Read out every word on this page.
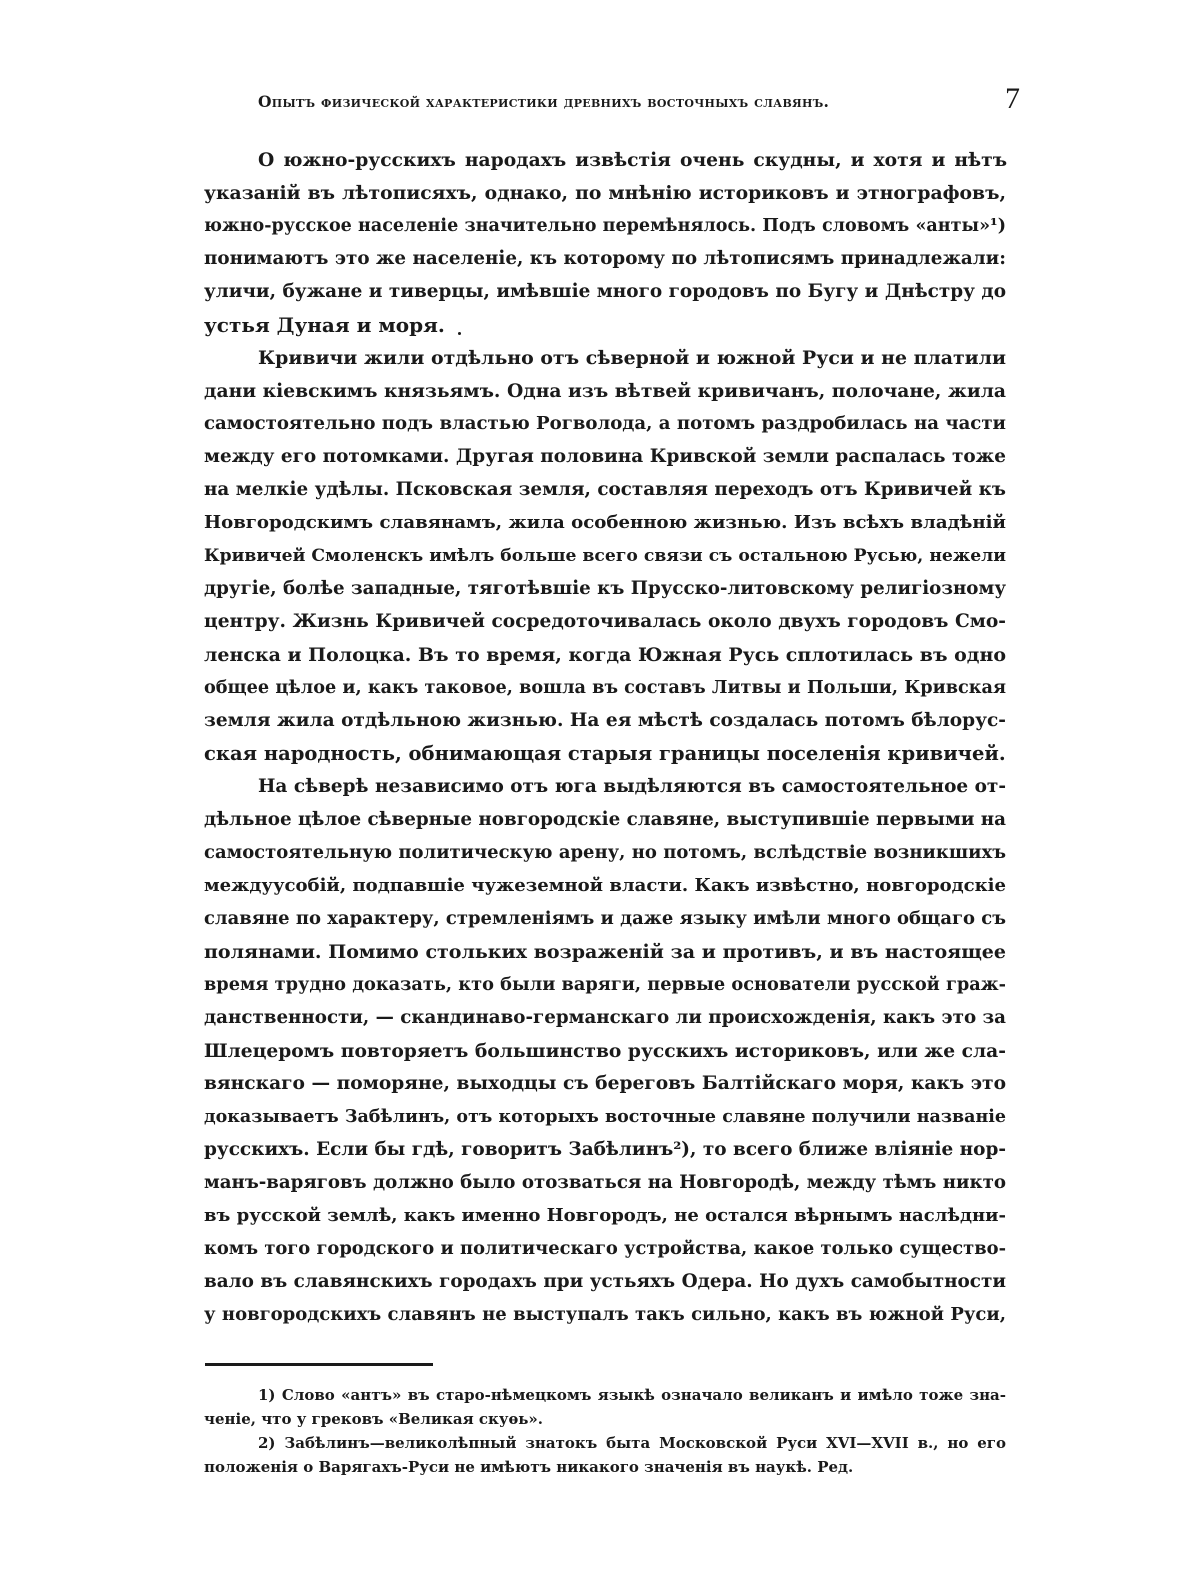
Опытъ физической характеристики древнихъ восточныхъ славянъ.	7
О южно-русскихъ народахъ извѣстія очень скудны, и хотя и нѣтъ
указаній въ лѣтописяхъ, однако, по мнѣнію историковъ и этнографовъ,
южно-русское населеніе значительно перемѣнялось. Подъ словомъ «анты»¹)
понимаютъ это же населеніе, къ которому по лѣтописямъ принадлежали:
уличи, бужане и тиверцы, имѣвшіе много городовъ по Бугу и Днѣстру до
устья Дуная и моря.
Кривичи жили отдѣльно отъ сѣверной и южной Руси и не платили
дани кіевскимъ князьямъ. Одна изъ вѣтвей кривичанъ, полочане, жила
самостоятельно подъ властью Рогволода, а потомъ раздробилась на части
между его потомками. Другая половина Кривской земли распалась тоже
на мелкіе удѣлы. Псковская земля, составляя переходъ отъ Кривичей къ
Новгородскимъ славянамъ, жила особенною жизнью. Изъ всѣхъ владѣній
Кривичей Смоленскъ имѣлъ больше всего связи съ остальною Русью, нежели
другіе, болѣе западные, тяготѣвшіе къ Прусско-литовскому религіозному
центру. Жизнь Кривичей сосредоточивалась около двухъ городовъ Смо-
ленска и Полоцка. Въ то время, когда Южная Русь сплотилась въ одно
общее цѣлое и, какъ таковое, вошла въ составъ Литвы и Польши, Кривская
земля жила отдѣльною жизнью. На ея мѣстѣ создалась потомъ бѣлорус-
ская народность, обнимающая старыя границы поселенія кривичей.
На сѣверѣ независимо отъ юга выдѣляются въ самостоятельное от-
дѣльное цѣлое сѣверные новгородскіе славяне, выступившіе первыми на
самостоятельную политическую арену, но потомъ, вслѣдствіе возникшихъ
междуусобій, подпавшіе чужеземной власти. Какъ извѣстно, новгородскіе
славяне по характеру, стремленіямъ и даже языку имѣли много общаго съ
полянами. Помимо стольких возраженій за и противъ, и въ настоящее
время трудно доказать, кто были варяги, первые основатели русской граж-
данственности, — скандинаво-германскаго ли происхожденія, какъ это за
Шлецеромъ повторяетъ большинство русскихъ историковъ, или же сла-
вянскаго — поморяне, выходцы съ береговъ Балтійскаго моря, какъ это
доказываетъ Забѣлинъ, отъ которыхъ восточные славяне получили названіе
русскихъ. Если бы гдѣ, говоритъ Забѣлинъ²), то всего ближе вліяніе нор-
манъ-варяговъ должно было отозваться на Новгородѣ, между тѣмъ никто
въ русской землѣ, какъ именно Новгородъ, не остался вѣрнымъ наслѣдни-
комъ того городского и политическаго устройства, какое только существо-
вало въ славянскихъ городахъ при устьяхъ Одера. Но духъ самобытности
у новгородскихъ славянъ не выступалъ такъ сильно, какъ въ южной Руси,
1) Слово «антъ» въ старо-нѣмецкомъ языкѣ означало великанъ и имѣло тоже зна-
ченіе, что у грековъ «Великая скуѳь».
2) Забѣлинъ—великолѣпный знатокъ быта Московской Руси XVI—XVII в., но его
положенія о Варягахъ-Руси не имѣютъ никакого значенія въ наукѣ. Ред.
